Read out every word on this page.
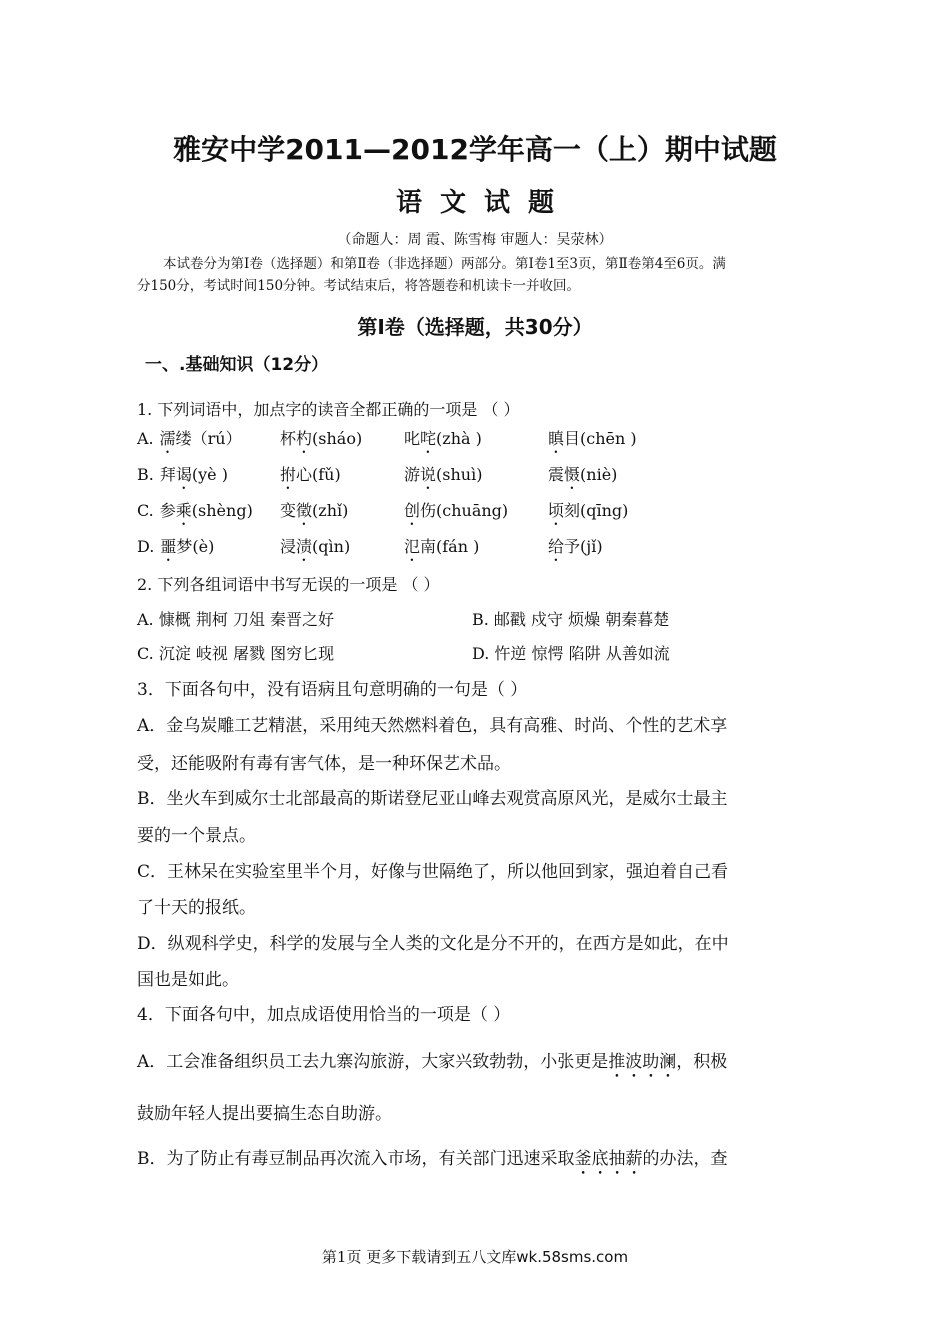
雅安中学2011—2012学年高一（上）期中试题
语文试题
（命题人：周 霞、陈雪梅 审题人：吴荥林）
本试卷分为第Ⅰ卷（选择题）和第Ⅱ卷（非选择题）两部分。第Ⅰ卷1至3页，第Ⅱ卷第4至6页。满
分150分，考试时间150分钟。考试结束后，将答题卷和机读卡一并收回。
第Ⅰ卷（选择题，共30分）
一、.基础知识（12分）
1. 下列词语中，加点字的读音全都正确的一项是 （ ）
A. 濡缕（rú） 杯杓(sháo)	叱咤(zhà )	瞋目(chēn )
B. 拜谒(yè )	拊心(fǔ)	游说(shuì)	震慑(niè)
C. 参乘(shèng) 变徵(zhǐ)	创伤(chuāng) 顷刻(qīng)
D. 噩梦(è)	浸渍(qìn)	氾南(fán )	给予(jǐ)
2. 下列各组词语中书写无误的一项是 （ ）
A. 慷概 荆柯 刀俎 秦晋之好	B. 邮戳 戍守 烦燥 朝秦暮楚
C. 沉淀 岐视 屠戮 图穷匕现	D. 忤逆 惊愕 陷阱 从善如流
3．下面各句中，没有语病且句意明确的一句是（ ）
A．金乌炭雕工艺精湛，采用纯天然燃料着色，具有高雅、时尚、个性的艺术享
受，还能吸附有毒有害气体，是一种环保艺术品。
B．坐火车到威尔士北部最高的斯诺登尼亚山峰去观赏高原风光，是威尔士最主
要的一个景点。
C．王林呆在实验室里半个月，好像与世隔绝了，所以他回到家，强迫着自己看
了十天的报纸。
D．纵观科学史，科学的发展与全人类的文化是分不开的，在西方是如此，在中
国也是如此。
4．下面各句中，加点成语使用恰当的一项是（ ）
A．工会准备组织员工去九寨沟旅游，大家兴致勃勃，小张更是推波助澜，积极
鼓励年轻人提出要搞生态自助游。
B．为了防止有毒豆制品再次流入市场，有关部门迅速采取釜底抽薪的办法，查
第1页 更多下载请到五八文库wk.58sms.com
